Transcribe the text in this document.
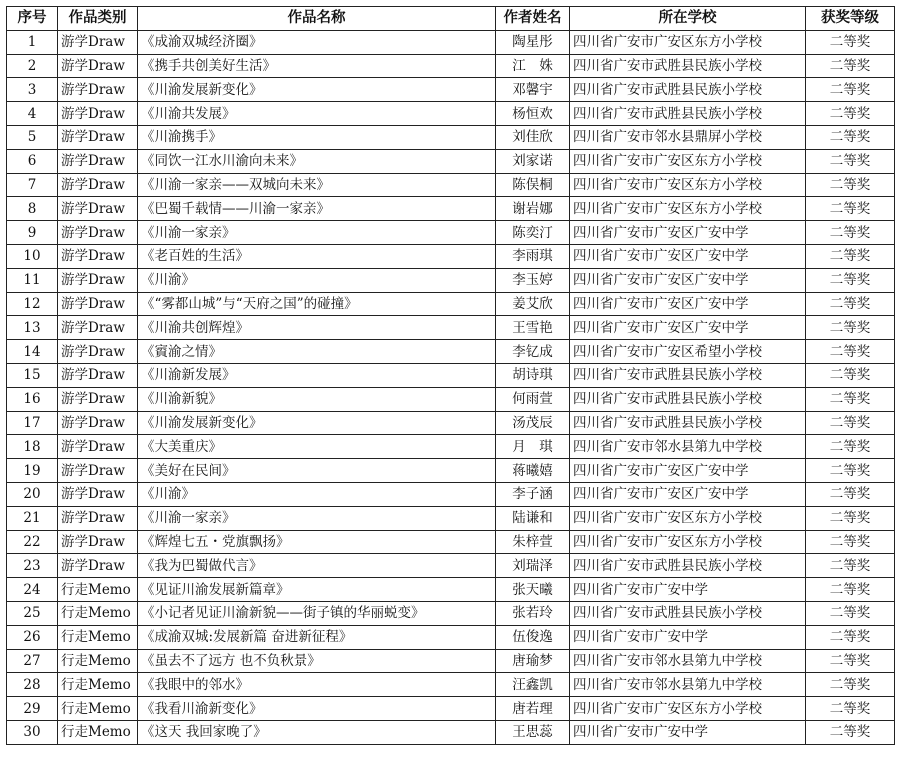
序号	作品类别	作品名称	作者姓名	所在学校	获奖等级
1	游学Draw	《成渝双城经济圈》	陶星彤	四川省广安市广安区东方小学校	二等奖
2	游学Draw	《携手共创美好生活》	江　姝	四川省广安市武胜县民族小学校	二等奖
3	游学Draw	《川渝发展新变化》	邓馨宇	四川省广安市武胜县民族小学校	二等奖
4	游学Draw	《川渝共发展》	杨恒欢	四川省广安市武胜县民族小学校	二等奖
5	游学Draw	《川渝携手》	刘佳欣	四川省广安市邻水县鼎屏小学校	二等奖
6	游学Draw	《同饮一江水川渝向未来》	刘家诺	四川省广安市广安区东方小学校	二等奖
7	游学Draw	《川渝一家亲——双城向未来》	陈俣桐	四川省广安市广安区东方小学校	二等奖
8	游学Draw	《巴蜀千载情——川渝一家亲》	谢岩娜	四川省广安市广安区东方小学校	二等奖
9	游学Draw	《川渝一家亲》	陈奕汀	四川省广安市广安区广安中学	二等奖
10	游学Draw	《老百姓的生活》	李雨琪	四川省广安市广安区广安中学	二等奖
11	游学Draw	《川渝》	李玉婷	四川省广安市广安区广安中学	二等奖
12	游学Draw	《“雾都山城”与“天府之国”的碰撞》	姜艾欣	四川省广安市广安区广安中学	二等奖
13	游学Draw	《川渝共创辉煌》	王雪艳	四川省广安市广安区广安中学	二等奖
14	游学Draw	《賨渝之情》	李钇成	四川省广安市广安区希望小学校	二等奖
15	游学Draw	《川渝新发展》	胡诗琪	四川省广安市武胜县民族小学校	二等奖
16	游学Draw	《川渝新貌》	何雨萱	四川省广安市武胜县民族小学校	二等奖
17	游学Draw	《川渝发展新变化》	汤茂辰	四川省广安市武胜县民族小学校	二等奖
18	游学Draw	《大美重庆》	月　琪	四川省广安市邻水县第九中学校	二等奖
19	游学Draw	《美好在民间》	蒋曦嬉	四川省广安市广安区广安中学	二等奖
20	游学Draw	《川渝》	李子涵	四川省广安市广安区广安中学	二等奖
21	游学Draw	《川渝一家亲》	陆谦和	四川省广安市广安区东方小学校	二等奖
22	游学Draw	《辉煌七五・党旗飘扬》	朱梓萱	四川省广安市广安区东方小学校	二等奖
23	游学Draw	《我为巴蜀做代言》	刘瑞泽	四川省广安市武胜县民族小学校	二等奖
24	行走Memo	《见证川渝发展新篇章》	张天曦	四川省广安市广安中学	二等奖
25	行走Memo	《小记者见证川渝新貌——街子镇的华丽蜕变》	张若玲	四川省广安市武胜县民族小学校	二等奖
26	行走Memo	《成渝双城:发展新篇 奋进新征程》	伍俊逸	四川省广安市广安中学	二等奖
27	行走Memo	《虽去不了远方 也不负秋景》	唐瑜梦	四川省广安市邻水县第九中学校	二等奖
28	行走Memo	《我眼中的邻水》	汪鑫凯	四川省广安市邻水县第九中学校	二等奖
29	行走Memo	《我看川渝新变化》	唐若理	四川省广安市广安区东方小学校	二等奖
30	行走Memo	《这天 我回家晚了》	王思蕊	四川省广安市广安中学	二等奖
